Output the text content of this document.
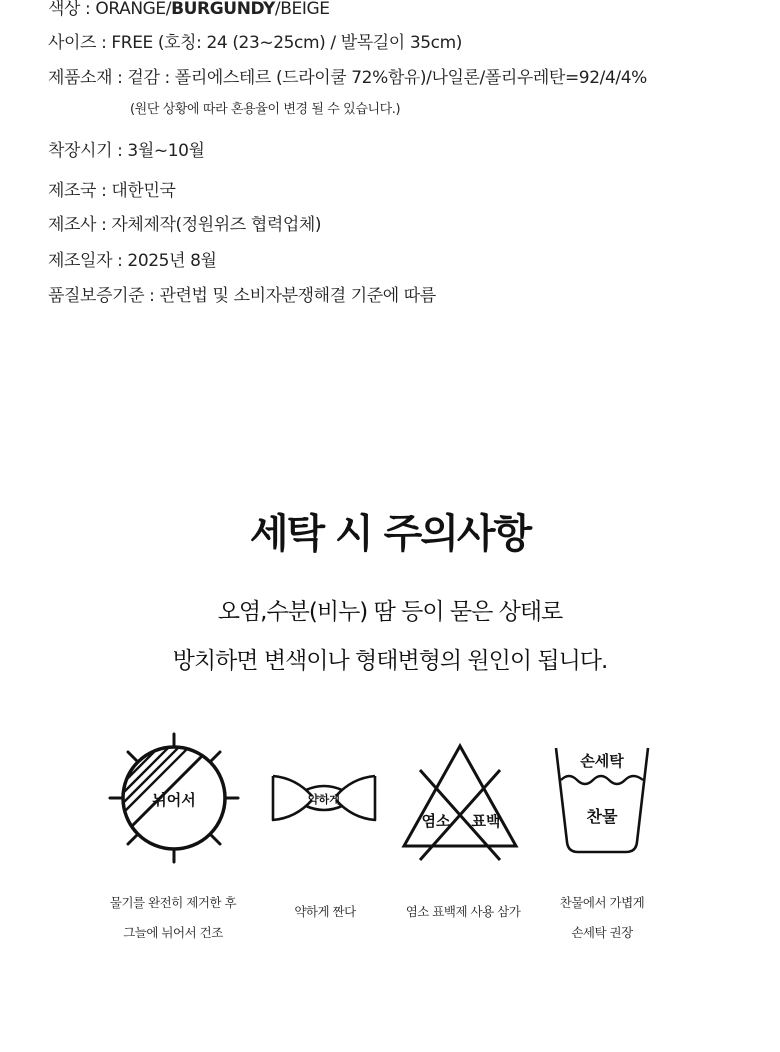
색상 : ORANGE/BURGUNDY/BEIGE
사이즈 : FREE (호칭: 24 (23~25cm) / 발목길이 35cm)
제품소재 : 겉감 : 폴리에스테르 (드라이쿨 72%함유)/나일론/폴리우레탄=92/4/4%
(원단 상황에 따라 혼용율이 변경 될 수 있습니다.)
착장시기 : 3월~10월
제조국 : 대한민국
제조사 : 자체제작(정원위즈 협력업체)
제조일자 : 2025년 8월
품질보증기준 : 관련법 및 소비자분쟁해결 기준에 따름
세탁 시 주의사항
오염,수분(비누) 땀 등이 묻은 상태로
방치하면 변색이나 형태변형의 원인이 됩니다.
뉘어서	약하게
염소 표백
손세탁
찬물
물기를 완전히 제거한 후
그늘에 뉘어서 건조
약하게 짠다	염소 표백제 사용 삼가
찬물에서 가볍게
손세탁 권장
